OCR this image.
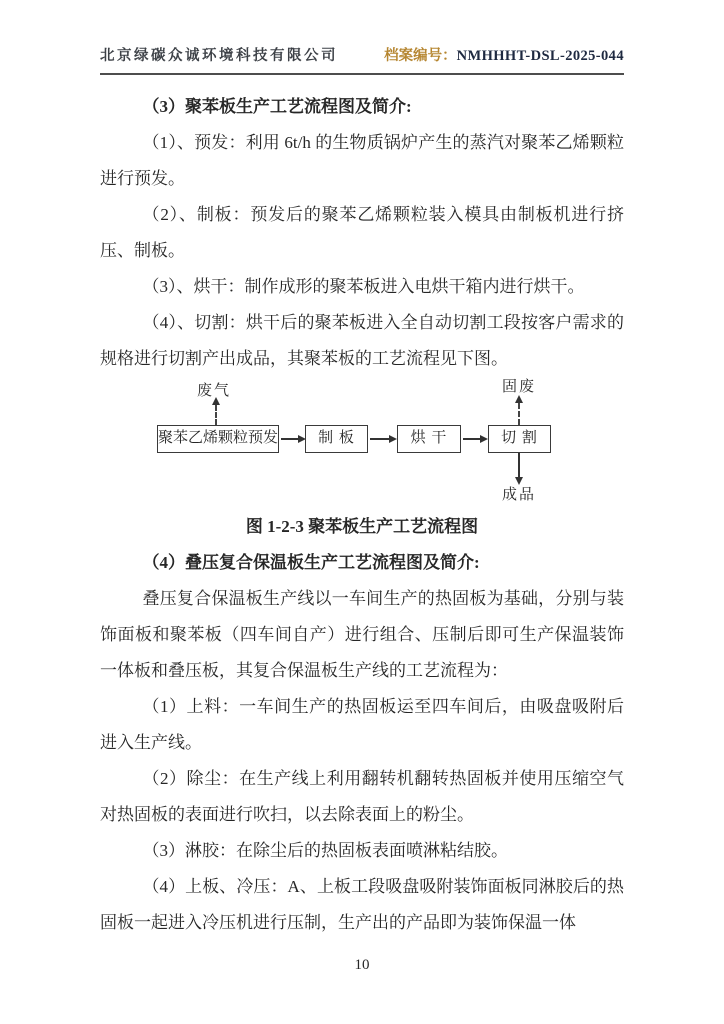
北京绿碳众诚环境科技有限公司	档案编号：NMHHHT-DSL-2025-044

（3）聚苯板生产工艺流程图及简介:

（1）、预发：利用 6t/h 的生物质锅炉产生的蒸汽对聚苯乙烯颗粒进行预发。

（2）、制板：预发后的聚苯乙烯颗粒装入模具由制板机进行挤压、制板。

（3）、烘干：制作成形的聚苯板进入电烘干箱内进行烘干。

（4）、切割：烘干后的聚苯板进入全自动切割工段按客户需求的规格进行切割产出成品，其聚苯板的工艺流程见下图。

废气	固废
成品
聚苯乙烯颗粒预发	制 板	烘 干	切 割

图 1-2-3 聚苯板生产工艺流程图

（4）叠压复合保温板生产工艺流程图及简介:

叠压复合保温板生产线以一车间生产的热固板为基础，分别与装饰面板和聚苯板（四车间自产）进行组合、压制后即可生产保温装饰一体板和叠压板，其复合保温板生产线的工艺流程为：

（1）上料：一车间生产的热固板运至四车间后，由吸盘吸附后进入生产线。

（2）除尘：在生产线上利用翻转机翻转热固板并使用压缩空气对热固板的表面进行吹扫，以去除表面上的粉尘。

（3）淋胶：在除尘后的热固板表面喷淋粘结胶。

（4）上板、冷压：A、上板工段吸盘吸附装饰面板同淋胶后的热固板一起进入冷压机进行压制，生产出的产品即为装饰保温一体

10
